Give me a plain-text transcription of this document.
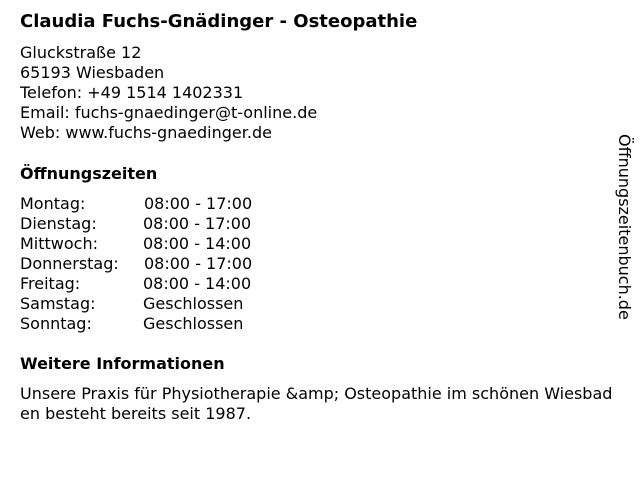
Claudia Fuchs-Gnädinger - Osteopathie
Gluckstraße 12
65193 Wiesbaden
Telefon: +49 1514 1402331
Email: fuchs-gnaedinger@t-online.de
Web: www.fuchs-gnaedinger.de
Öffnungszeiten
Montag:	08:00 - 17:00
Dienstag:	08:00 - 17:00
Mittwoch:	08:00 - 14:00
Donnerstag: 08:00 - 17:00
Freitag:	08:00 - 14:00
Samstag:	Geschlossen
Sonntag:	Geschlossen
Weitere Informationen
Unsere Praxis für Physiotherapie &amp; Osteopathie im schönen Wiesbaden besteht bereits seit 1987.
Öffnungszeitenbuch.de
